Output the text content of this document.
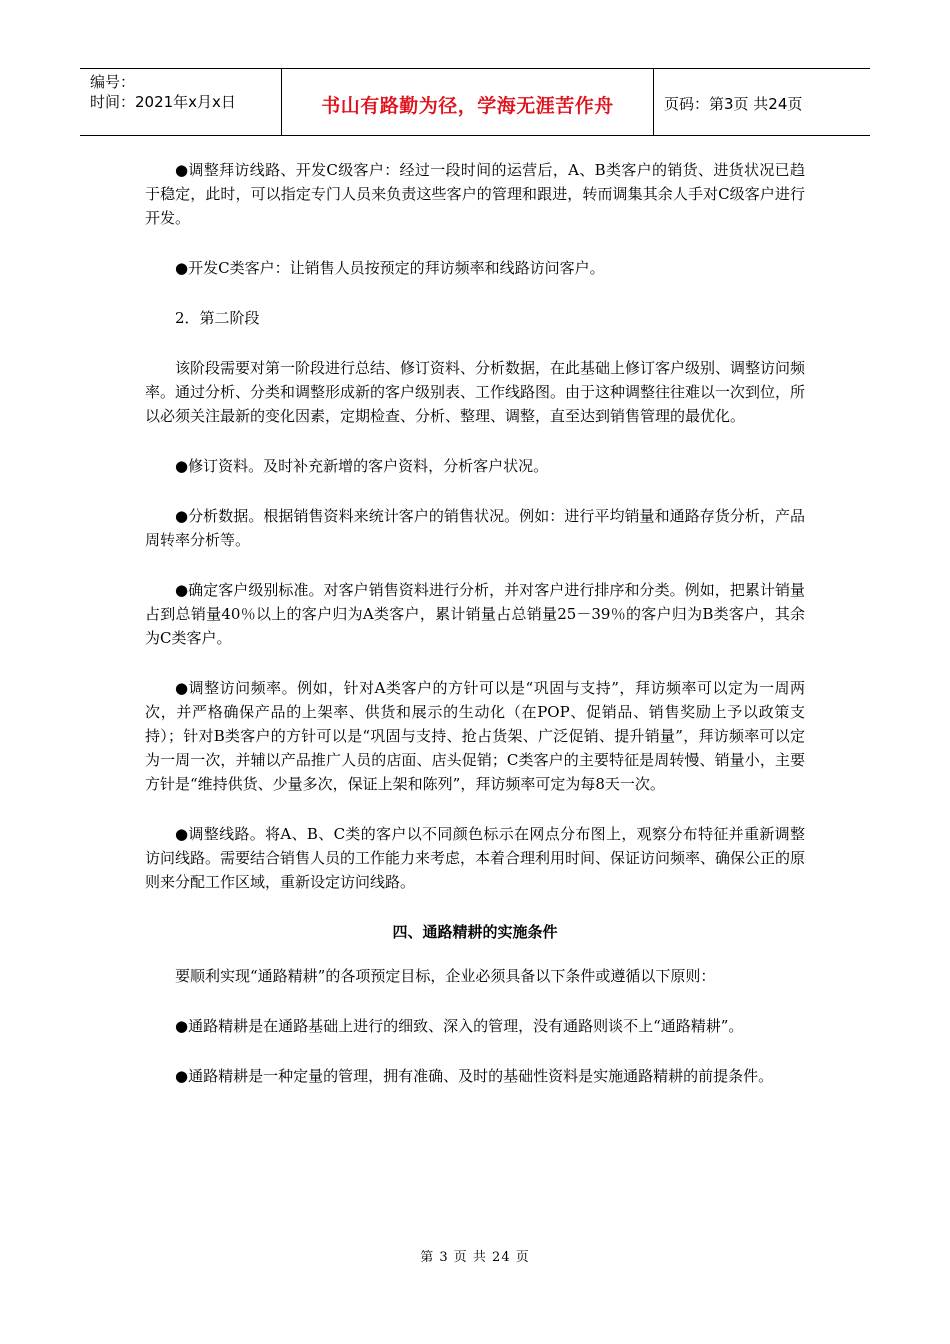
编号：
时间：2021年x月x日	书山有路勤为径，学海无涯苦作舟	页码：第3页 共24页

●调整拜访线路、开发C级客户：经过一段时间的运营后，A、B类客户的销货、进货状况已趋于稳定，此时，可以指定专门人员来负责这些客户的管理和跟进，转而调集其余人手对C级客户进行开发。

●开发C类客户：让销售人员按预定的拜访频率和线路访问客户。

2．第二阶段

该阶段需要对第一阶段进行总结、修订资料、分析数据，在此基础上修订客户级别、调整访问频率。通过分析、分类和调整形成新的客户级别表、工作线路图。由于这种调整往往难以一次到位，所以必须关注最新的变化因素，定期检查、分析、整理、调整，直至达到销售管理的最优化。

●修订资料。及时补充新增的客户资料，分析客户状况。

●分析数据。根据销售资料来统计客户的销售状况。例如：进行平均销量和通路存货分析，产品周转率分析等。

●确定客户级别标准。对客户销售资料进行分析，并对客户进行排序和分类。例如，把累计销量占到总销量40％以上的客户归为A类客户，累计销量占总销量25－39％的客户归为B类客户，其余为C类客户。

●调整访问频率。例如，针对A类客户的方针可以是“巩固与支持”，拜访频率可以定为一周两次，并严格确保产品的上架率、供货和展示的生动化（在POP、促销品、销售奖励上予以政策支持）；针对B类客户的方针可以是“巩固与支持、抢占货架、广泛促销、提升销量”，拜访频率可以定为一周一次，并辅以产品推广人员的店面、店头促销；C类客户的主要特征是周转慢、销量小，主要方针是“维持供货、少量多次，保证上架和陈列”，拜访频率可定为每8天一次。

●调整线路。将A、B、C类的客户以不同颜色标示在网点分布图上，观察分布特征并重新调整访问线路。需要结合销售人员的工作能力来考虑，本着合理利用时间、保证访问频率、确保公正的原则来分配工作区域，重新设定访问线路。

四、通路精耕的实施条件

要顺利实现“通路精耕”的各项预定目标，企业必须具备以下条件或遵循以下原则：

●通路精耕是在通路基础上进行的细致、深入的管理，没有通路则谈不上“通路精耕”。

●通路精耕是一种定量的管理，拥有准确、及时的基础性资料是实施通路精耕的前提条件。

第 3 页 共 24 页
